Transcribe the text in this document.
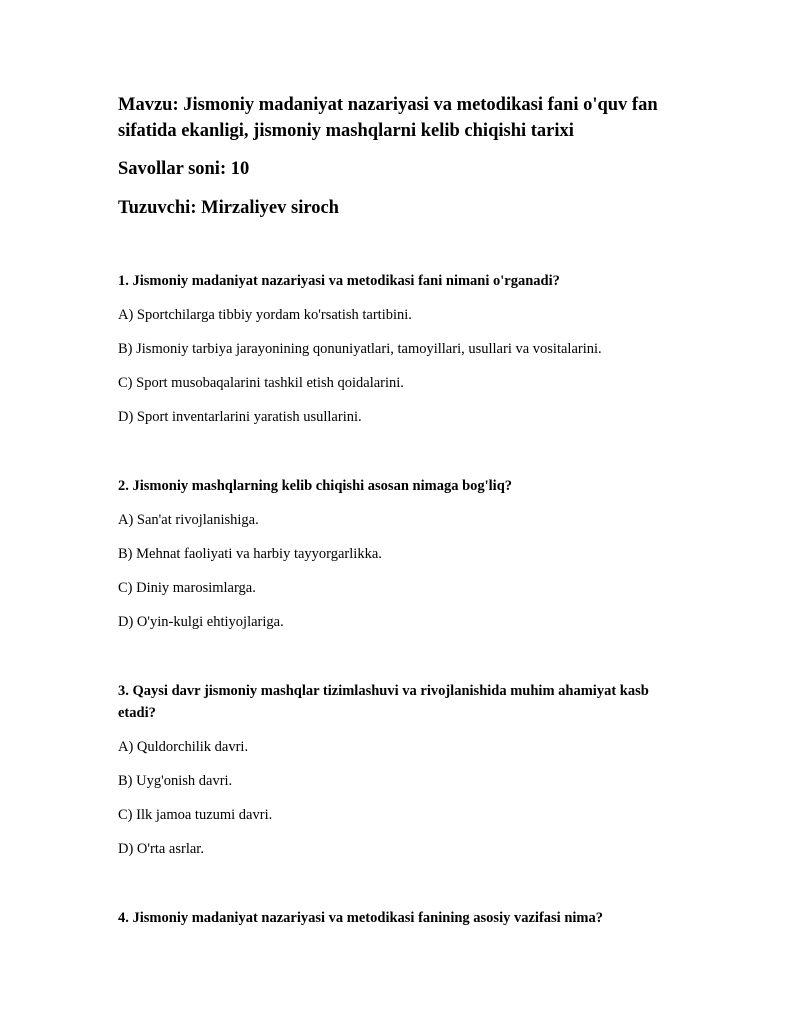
Mavzu: Jismoniy madaniyat nazariyasi va metodikasi fani o'quv fan sifatida ekanligi, jismoniy mashqlarni kelib chiqishi tarixi

Savollar soni: 10

Tuzuvchi: Mirzaliyev siroch

1. Jismoniy madaniyat nazariyasi va metodikasi fani nimani o'rganadi?

A) Sportchilarga tibbiy yordam ko'rsatish tartibini.

B) Jismoniy tarbiya jarayonining qonuniyatlari, tamoyillari, usullari va vositalarini.

C) Sport musobaqalarini tashkil etish qoidalarini.

D) Sport inventarlarini yaratish usullarini.

2. Jismoniy mashqlarning kelib chiqishi asosan nimaga bog'liq?

A) San'at rivojlanishiga.

B) Mehnat faoliyati va harbiy tayyorgarlikka.

C) Diniy marosimlarga.

D) O'yin-kulgi ehtiyojlariga.

3. Qaysi davr jismoniy mashqlar tizimlashuvi va rivojlanishida muhim ahamiyat kasb etadi?

A) Quldorchilik davri.

B) Uyg'onish davri.

C) Ilk jamoa tuzumi davri.

D) O'rta asrlar.

4. Jismoniy madaniyat nazariyasi va metodikasi fanining asosiy vazifasi nima?
